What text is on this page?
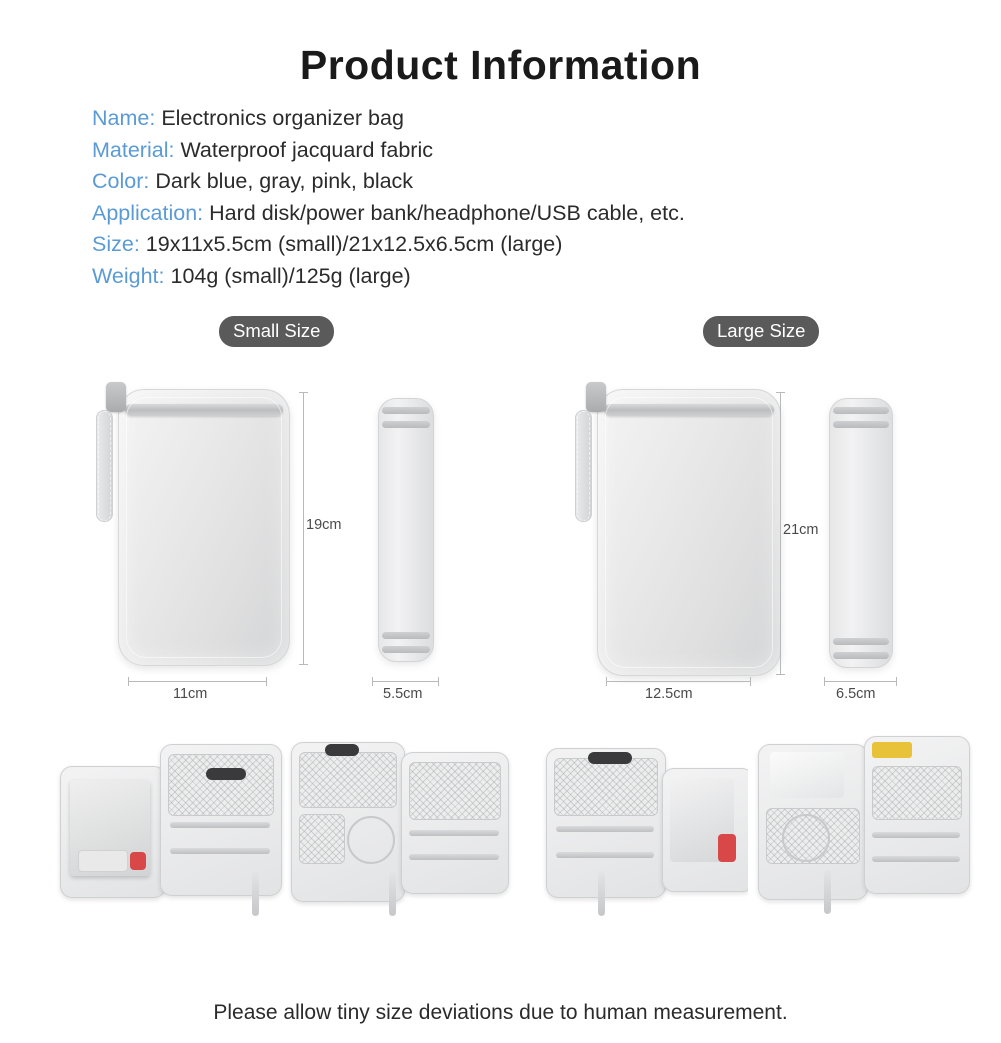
Product Information
Name: Electronics organizer bag
Material: Waterproof jacquard fabric
Color: Dark blue, gray, pink, black
Application: Hard disk/power bank/headphone/USB cable, etc.
Size: 19x11x5.5cm (small)/21x12.5x6.5cm (large)
Weight: 104g (small)/125g (large)
Small Size	Large Size
19cm
11cm	5.5cm
21cm
12.5cm	6.5cm
Please allow tiny size deviations due to human measurement.
